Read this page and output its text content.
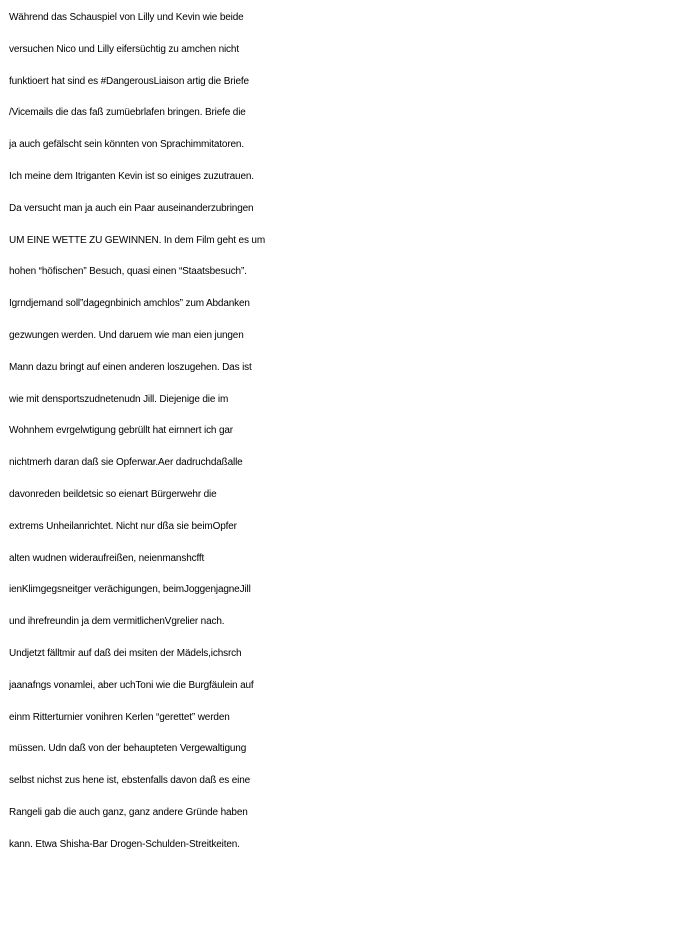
Während das Schauspiel von Lilly und Kevin wie beide
versuchen Nico und Lilly eifersüchtig zu amchen nicht
funktioert hat sind es #DangerousLiaison artig die Briefe
/Vicemails die das faß zumüebrlafen bringen. Briefe die
ja auch gefälscht sein könnten von Sprachimmitatoren.
Ich meine dem Itriganten Kevin ist so einiges zuzutrauen.
Da versucht man ja auch ein Paar auseinanderzubringen
UM EINE WETTE ZU GEWINNEN. In dem Film geht es um
hohen “höfischen” Besuch, quasi einen “Staatsbesuch”.
Igrndjemand soll”dagegnbinich amchlos” zum Abdanken
gezwungen werden. Und daruem wie man eien jungen
Mann dazu bringt auf einen anderen loszugehen. Das ist
wie mit densportszudnetenudn Jill. Diejenige die im
Wohnhem evrgelwtigung gebrüllt hat eirnnert ich gar
nichtmerh daran daß sie Opferwar.Aer dadruchdaßalle
davonreden beildetsic so eienart Bürgerwehr die
extrems Unheilanrichtet. Nicht nur dßa sie beimOpfer
alten wudnen wideraufreißen, neienmanshcfft
ienKlimgegsneitger verächigungen, beimJoggenjagneJill
und ihrefreundin ja dem vermitlichenVgrelier nach.
Undjetzt fälltmir auf daß dei msiten der Mädels,ichsrch
jaanafngs vonamlei, aber uchToni wie die Burgfäulein auf
einm Ritterturnier vonihren Kerlen “gerettet” werden
müssen. Udn daß von der behaupteten Vergewaltigung
selbst nichst zus hene ist, ebstenfalls davon daß es eine
Rangeli gab die auch ganz, ganz andere Gründe haben
kann. Etwa Shisha-Bar Drogen-Schulden-Streitkeiten.
